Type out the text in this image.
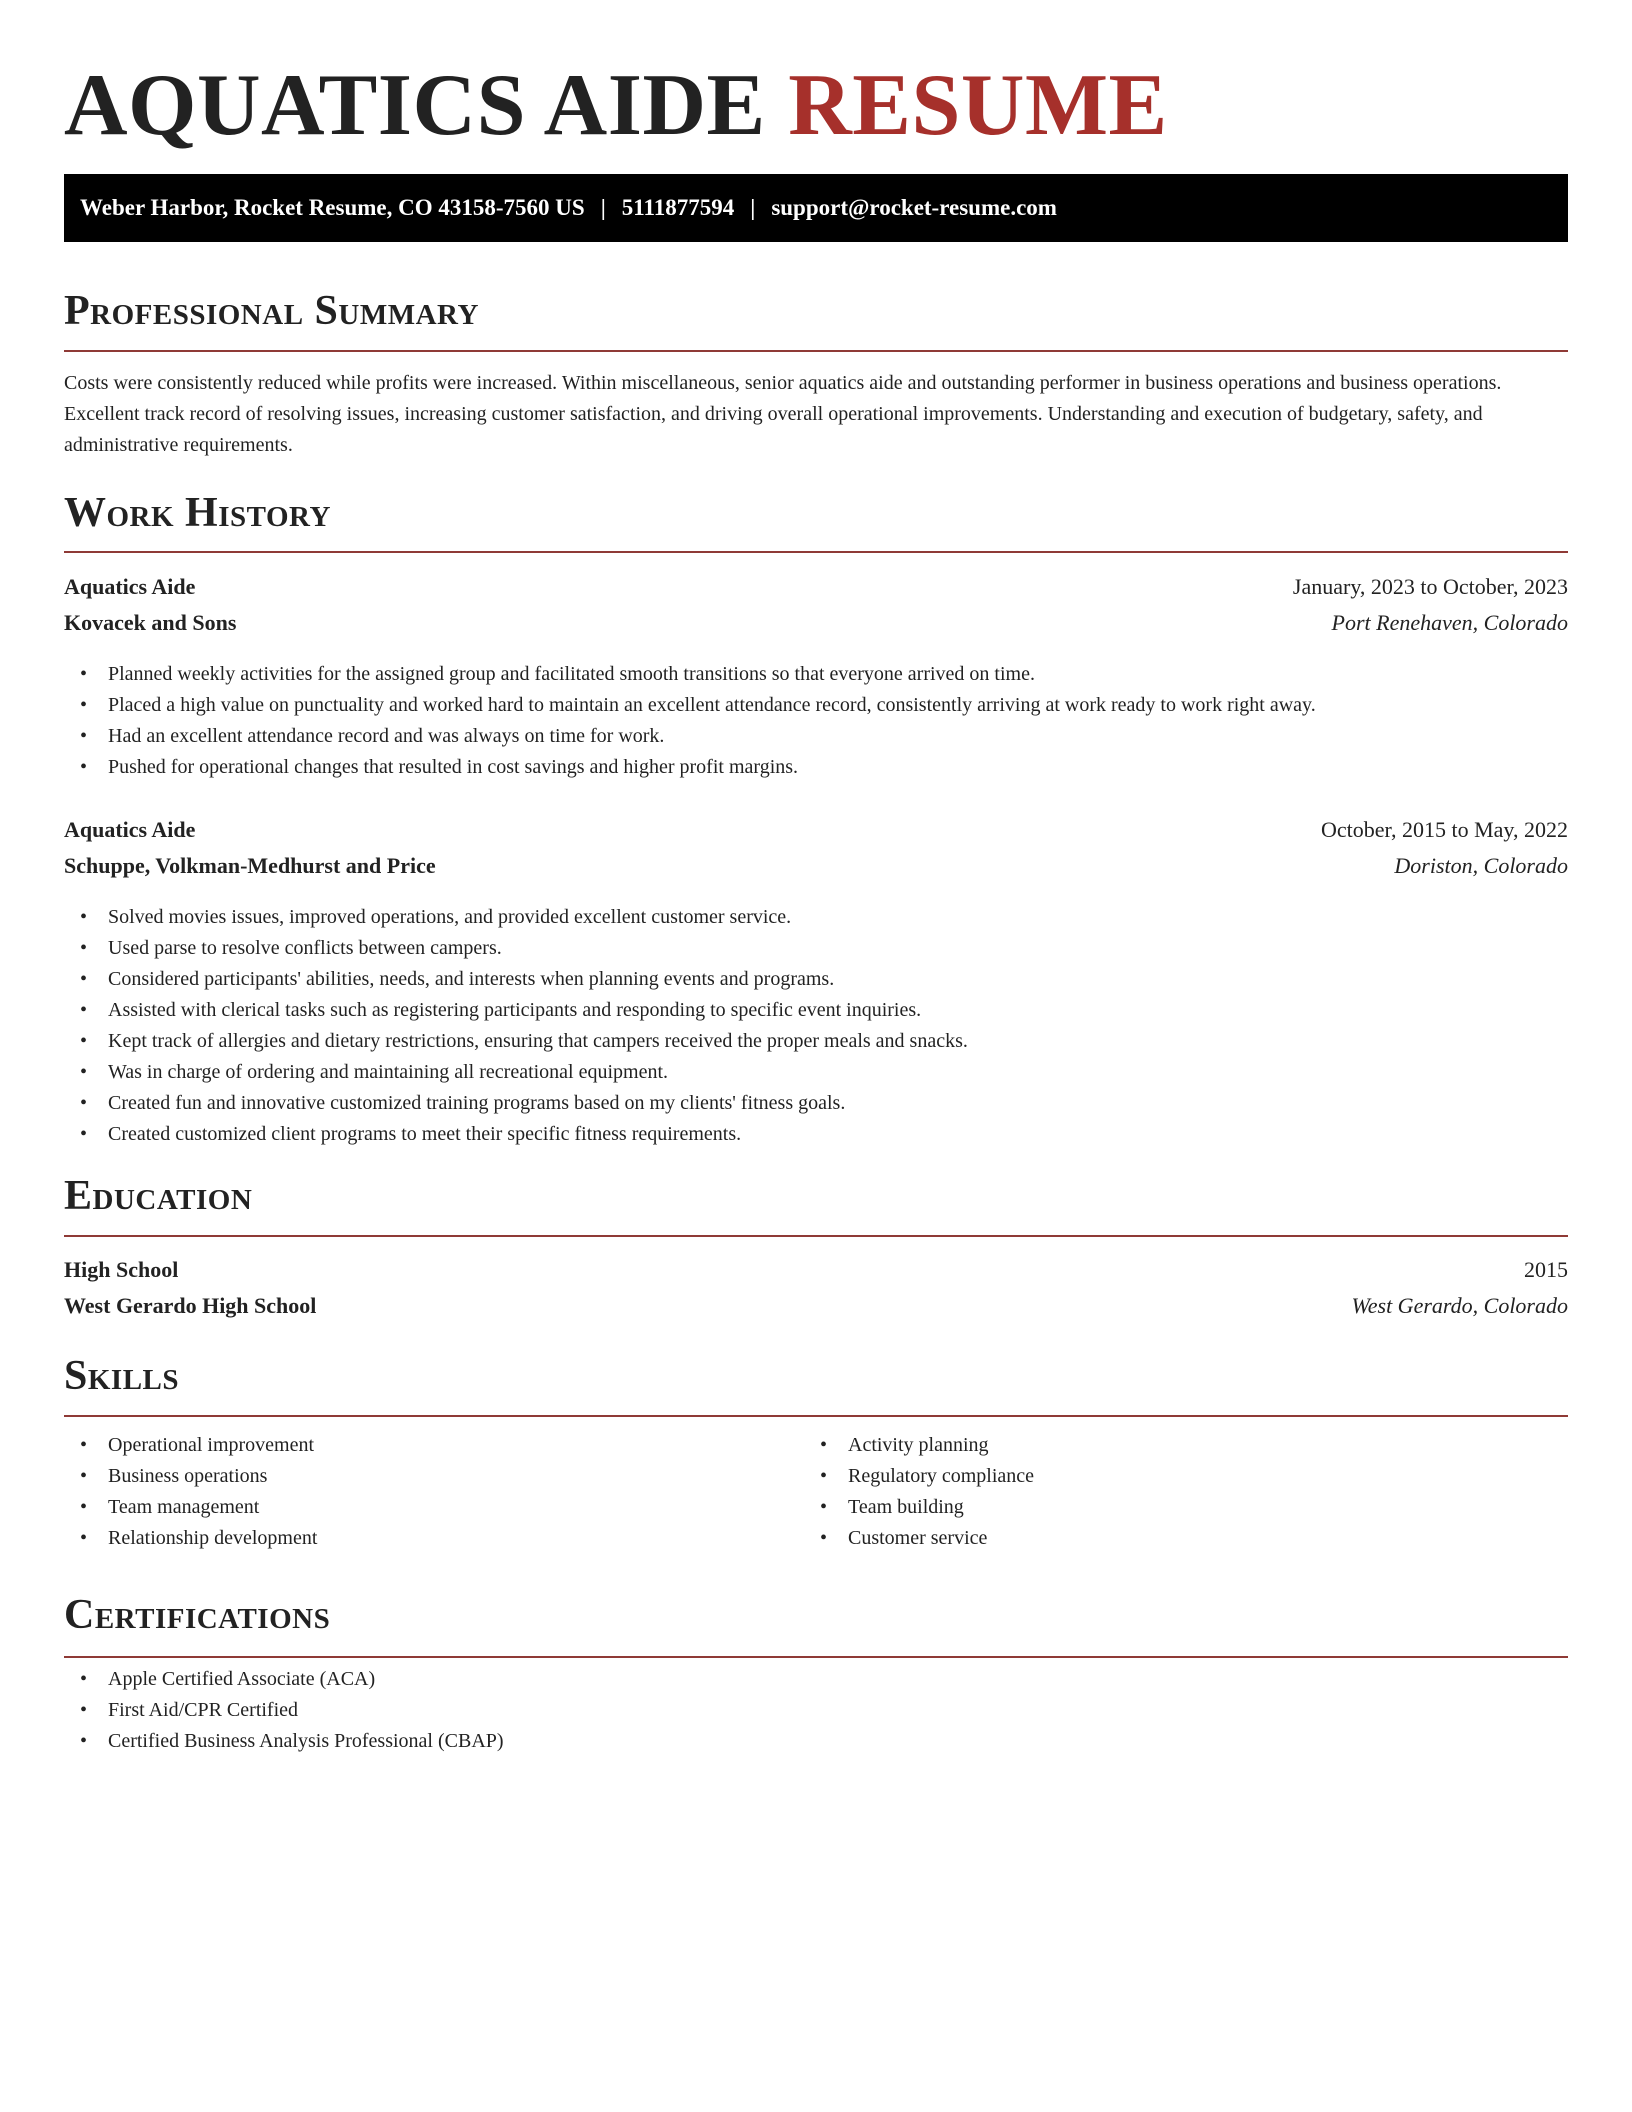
AQUATICS AIDE RESUME
Weber Harbor, Rocket Resume, CO 43158-7560 US | 5111877594 | support@rocket-resume.com
Professional Summary

Costs were consistently reduced while profits were increased. Within miscellaneous, senior aquatics aide and outstanding performer in business operations and business operations. Excellent track record of resolving issues, increasing customer satisfaction, and driving overall operational improvements. Understanding and execution of budgetary, safety, and administrative requirements.

Work History
Aquatics Aide	January, 2023 to October, 2023
Kovacek and Sons	Port Renehaven, Colorado
• Planned weekly activities for the assigned group and facilitated smooth transitions so that everyone arrived on time.
• Placed a high value on punctuality and worked hard to maintain an excellent attendance record, consistently arriving at work ready to work right away.
• Had an excellent attendance record and was always on time for work.
• Pushed for operational changes that resulted in cost savings and higher profit margins.
Aquatics Aide	October, 2015 to May, 2022
Schuppe, Volkman-Medhurst and Price	Doriston, Colorado
• Solved movies issues, improved operations, and provided excellent customer service.
• Used parse to resolve conflicts between campers.
• Considered participants' abilities, needs, and interests when planning events and programs.
• Assisted with clerical tasks such as registering participants and responding to specific event inquiries.
• Kept track of allergies and dietary restrictions, ensuring that campers received the proper meals and snacks.
• Was in charge of ordering and maintaining all recreational equipment.
• Created fun and innovative customized training programs based on my clients' fitness goals.
• Created customized client programs to meet their specific fitness requirements.
Education
High School	2015
West Gerardo High School	West Gerardo, Colorado
Skills
• Operational improvement
• Business operations
• Team management
• Relationship development
• Activity planning
• Regulatory compliance
• Team building
• Customer service
Certifications
• Apple Certified Associate (ACA)
• First Aid/CPR Certified
• Certified Business Analysis Professional (CBAP)
